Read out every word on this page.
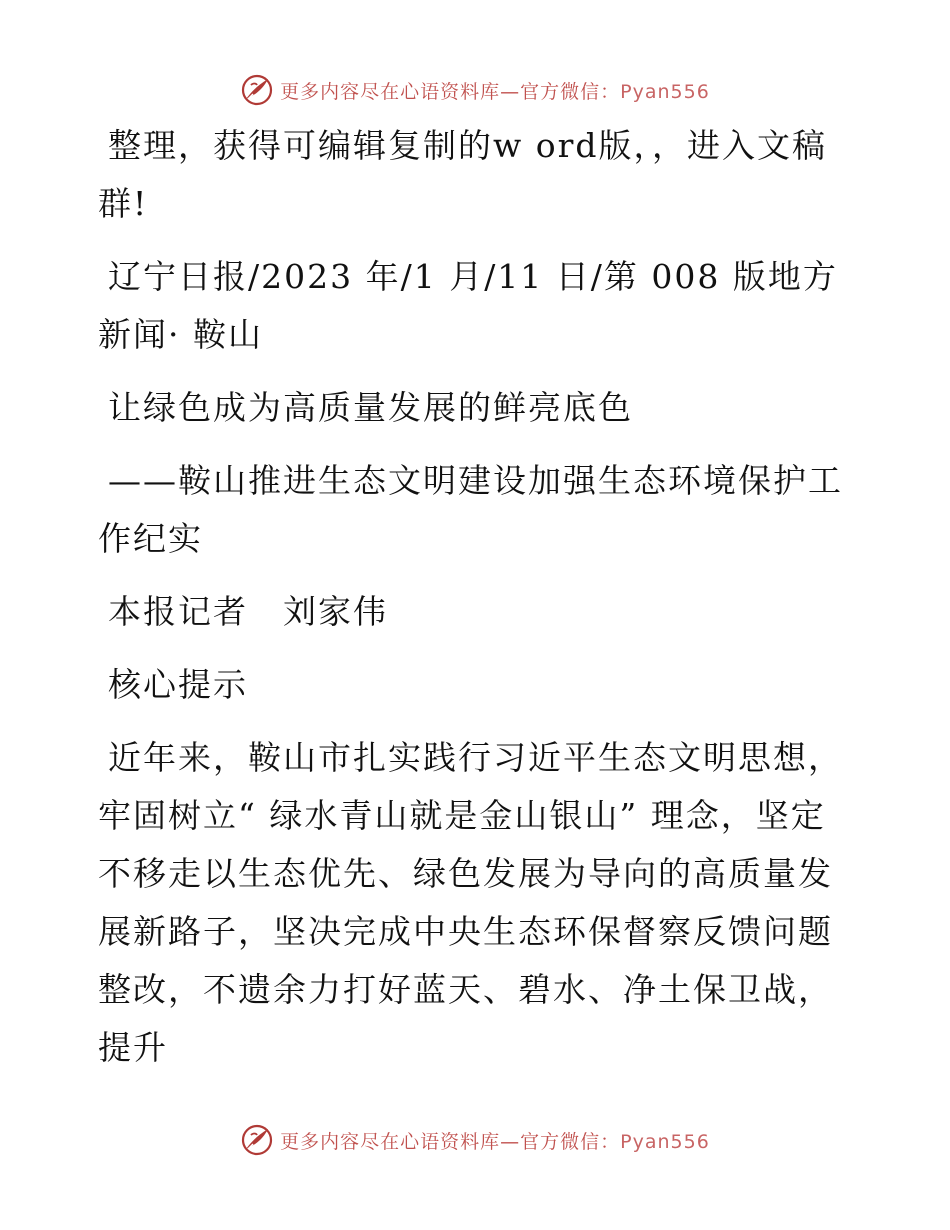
更多内容尽在心语资料库—官方微信：Pyan556

整理，获得可编辑复制的w ord版，，进入文稿群!

辽宁日报/2023 年/1 月/11 日/第 008 版地方新闻· 鞍山

让绿色成为高质量发展的鲜亮底色

——鞍山推进生态文明建设加强生态环境保护工作纪实

本报记者　刘家伟

核心提示

近年来，鞍山市扎实践行习近平生态文明思想，牢固树立“ 绿水青山就是金山银山” 理念，坚定不移走以生态优先、绿色发展为导向的高质量发展新路子，坚决完成中央生态环保督察反馈问题整改，不遗余力打好蓝天、碧水、净土保卫战，提升

更多内容尽在心语资料库—官方微信：Pyan556
